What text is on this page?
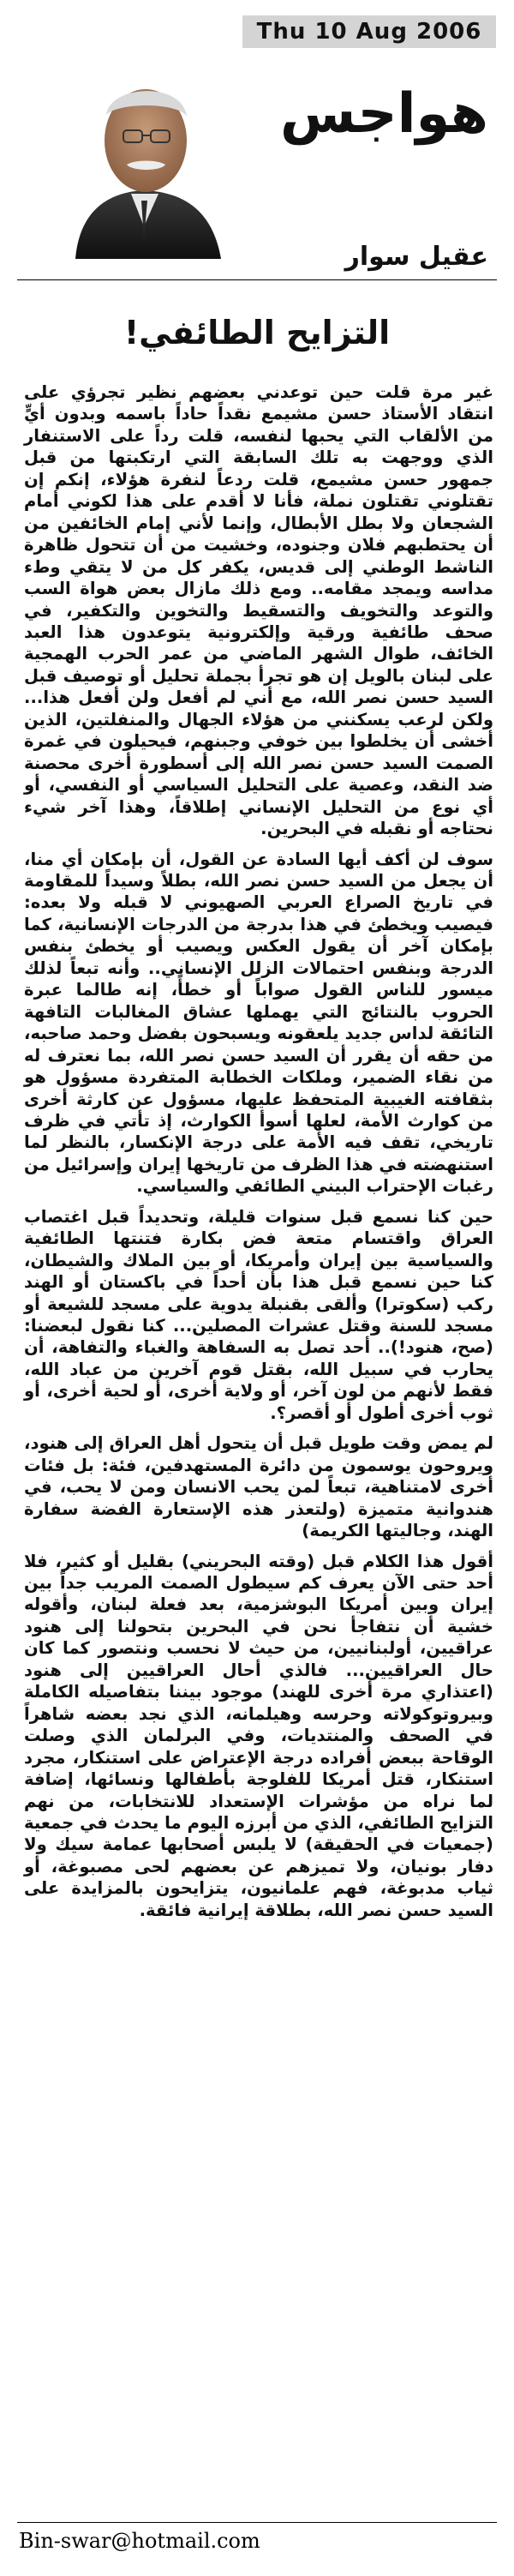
Thu 10 Aug 2006
هواجس
عقيل سوار
التزايح الطائفي!

غير مرة قلت حين توعدني بعضهم نظير تجرؤي على انتقاد الأستاذ حسن مشيمع نقداً حاداً باسمه وبدون أيٍّ من الألقاب التي يحبها لنفسه، قلت رداً على الاستنفار الذي ووجهت به تلك السابقة التي ارتكبتها من قبل جمهور حسن مشيمع، قلت ردعاً لنفرة هؤلاء، إنكم إن تقتلوني تقتلون نملة، فأنا لا أقدم على هذا لكوني أمام الشجعان ولا بطل الأبطال، وإنما لأني إمام الخائفين من أن يحتطبهم فلان وجنوده، وخشيت من أن تتحول ظاهرة الناشط الوطني إلى قديس، يكفر كل من لا يتقي وطء مداسه ويمجد مقامه.. ومع ذلك مازال بعض هواة السب والتوعد والتخويف والتسقيط والتخوين والتكفير، في صحف طائفية ورقية وإلكترونية يتوعدون هذا العبد الخائف، طوال الشهر الماضي من عمر الحرب الهمجية على لبنان بالويل إن هو تجرأ بجملة تحليل أو توصيف قبل السيد حسن نصر الله، مع أني لم أفعل ولن أفعل هذا... ولكن لرعب يسكنني من هؤلاء الجهال والمنفلتين، الذين أخشى أن يخلطوا بين خوفي وجبنهم، فيحيلون في غمرة الصمت السيد حسن نصر الله إلى أسطورة أخرى محصنة ضد النقد، وعصية على التحليل السياسي أو النفسي، أو أي نوع من التحليل الإنساني إطلاقاً، وهذا آخر شيء نحتاجه أو نقبله في البحرين.

سوف لن أكف أيها السادة عن القول، أن بإمكان أي منا، أن يجعل من السيد حسن نصر الله، بطلاً وسيداً للمقاومة في تاريخ الصراع العربي الصهيوني لا قبله ولا بعده: فيصيب ويخطئ في هذا بدرجة من الدرجات الإنسانية، كما بإمكان آخر أن يقول العكس ويصيب أو يخطئ بنفس الدرجة وبنفس احتمالات الزلل الإنساني.. وأنه تبعاً لذلك ميسور للناس القول صواباً أو خطأً، إنه طالما عبرة الحروب بالنتائج التي يهملها عشاق المغالبات التافهة التائقة لداس جديد يلعقونه ويسبحون بفضل وحمد صاحبه، من حقه أن يقرر أن السيد حسن نصر الله، بما نعترف له من نقاء الضمير، وملكات الخطابة المتفردة مسؤول هو بثقافته الغيبية المتحفظ عليها، مسؤول عن كارثة أخرى من كوارث الأمة، لعلها أسوأ الكوارث، إذ تأتي في ظرف تاريخي، تقف فيه الأمة على درجة الإنكسار، بالنظر لما استنهضته في هذا الظرف من تاريخها إيران وإسرائيل من رغبات الإحتراب البيني الطائفي والسياسي.

حين كنا نسمع قبل سنوات قليلة، وتحديداً قبل اغتصاب العراق واقتسام متعة فض بكارة فتنتها الطائفية والسياسية بين إيران وأمريكا، أو بين الملاك والشيطان، كنا حين نسمع قبل هذا بأن أحداً في باكستان أو الهند ركب (سكوترا) وألقى بقنبلة يدوية على مسجد للشيعة أو مسجد للسنة وقتل عشرات المصلين... كنا نقول لبعضنا: (صح، هنود!).. أحد تصل به السفاهة والغباء والتفاهة، أن يحارب في سبيل الله، بقتل قوم آخرين من عباد الله، فقط لأنهم من لون آخر، أو ولاية أخرى، أو لحية أخرى، أو ثوب أخرى أطول أو أقصر؟.

لم يمض وقت طويل قبل أن يتحول أهل العراق إلى هنود، ويروحون يوسمون من دائرة المستهدفين، فئة: بل فئات أخرى لامتناهية، تبعاً لمن يحب الانسان ومن لا يحب، في هندوانية متميزة (ولتعذر هذه الإستعارة الفضة سفارة الهند، وجاليتها الكريمة)

أقول هذا الكلام قبل (وقته البحريني) بقليل أو كثير، فلا أحد حتى الآن يعرف كم سيطول الصمت المريب جداً بين إيران وبين أمريكا البوشزمية، بعد فعلة لبنان، وأقوله خشية أن نتفاجأ نحن في البحرين بتحولنا إلى هنود عراقيين، أولبنانيين، من حيث لا نحسب ونتصور كما كان حال العراقيين... فالذي أحال العراقيين إلى هنود (اعتذاري مرة أخرى للهند) موجود بيننا بتفاصيله الكاملة وبيروتوكولاته وحرسه وهيلمانه، الذي نجد بعضه شاهراً في الصحف والمنتديات، وفي البرلمان الذي وصلت الوقاحة ببعض أفراده درجة الإعتراض على استنكار، مجرد استنكار، قتل أمريكا للفلوجة بأطفالها ونسائها، إضافة لما نراه من مؤشرات الإستعداد للانتخابات، من نهم التزايح الطائفي، الذي من أبرزه اليوم ما يحدث في جمعية (جمعيات في الحقيقة) لا يلبس أصحابها عمامة سيك ولا دفار بونيان، ولا تميزهم عن بعضهم لحى مصبوغة، أو ثياب مدبوغة، فهم علمانيون، يتزايحون بالمزايدة على السيد حسن نصر الله، بطلاقة إيرانية فائقة.

Bin-swar@hotmail.com
